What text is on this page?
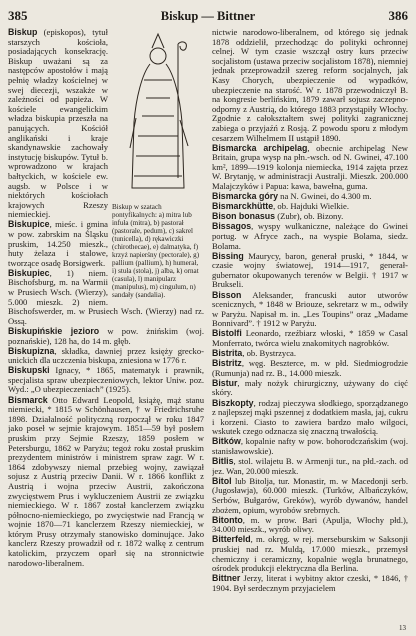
385	Biskup — Bittner	386
Biskup w szatach pontyfikalnych: a) mitra lub infuła (mitra), b) pastorał (pastorale, pedum), c) sakrel (tunicella), d) rękawiczki (chirothecae), e) dalmatyka, f) krzyż napierśny (pectorale), g) pallium (pallium), h) humerał, i) stuła (stola), j) alba, k) ornat (casula), l) manipularz (manipulus), m) cingulum, n) sandały (sandalia).

Biskup (episkopos), tytuł starszych kościoła, posiadających konsekrację. Biskup uważani są za następców apostołów i mają pełnię władzy kościelnej w swej diecezji, wszakże w zależności od papieża. W kościele ewangelickim władza biskupia przeszła na panujących. Kościół anglikański i kraje skandynawskie zachowały instytucję biskupów. Tytuł b. wprowadzono w krajach bałtyckich, w kościele ew. augsb. w Polsce i w niektórych kościołach krajowych Rzeszy niemieckiej.

Biskupice, mieśc. i gmina w pow. zabrskim na Śląsku pruskim, 14.250 mieszk., huty żelaza i stalowe, tworzące osadę Borsigwerk.

Biskupiec, 1) niem. Bischofsburg, m. na Warmii w Prusiech Wsch. (Wierzy), 5.000 mieszk. 2) niem. Bischofswerder, m. w Prusiech Wsch. (Wierzy) nad rz. Ossą.

Biskupińskie jezioro w pow. żnińskim (woj. poznańskie), 128 ha, do 14 m. głęb.

Biskupizna, składka, dawniej przez księży grecko-unickich dla uczczenia biskupa, zniesiona w 1776 r.

Biskupski Ignacy, * 1865, matematyk i prawnik, specjalista spraw ubezpieczeniowych, lektor Uniw. poz. Wyd.: „O ubezpieczeniach” (1925).

Bismarck Otto Edward Leopold, książę, mąż stanu niemiecki, * 1815 w Schönhausen, † w Friedrichsruhe 1898. Działalność polityczną rozpoczął w roku 1847 jako poseł w sejmie krajowym. 1851—59 był posłem pruskim przy Sejmie Rzeszy, 1859 posłem w Petersburgu, 1862 w Paryżu; tegoż roku został pruskim prezydentem ministrów i ministrem spraw zagr. W r. 1864 zdobywszy niemal przebieg wojny, zawiązał sojusz z Austrią przeciw Danii. W r. 1866 konflikt z Austrią i wojna przeciw Austrii, zakończona zwycięstwem Prus i wykluczeniem Austrii ze związku niemieckiego. W r. 1867 został kanclerzem związku północno-niemieckiego, po zwycięstwie nad Francją w wojnie 1870—71 kanclerzem Rzeszy niemieckiej, w którym Prusy otrzymały stanowisko dominujące. Jako kanclerz Rzeszy prowadził od r. 1872 walkę z centrum katolickim, przyczem oparł się na stronnictwie narodowo-liberalnem.

nictwie narodowo-liberalnem, od którego się jednak 1878 oddzielił, przechodząc do polityki ochronnej celnej. W tym czasie wszczął ostry kurs przeciw socjalistom (ustawa przeciw socjalistom 1878), niemniej jednak przeprowadził szereg reform socjalnych, jak Kasy Chorych, ubezpieczenie od wypadków, ubezpieczenie na starość. W r. 1878 przewodniczył B. na kongresie berlińskim, 1879 zawarł sojusz zaczepno-odporny z Austrią, do którego 1883 przystąpiły Włochy. Zgodnie z całokształtem swej polityki zagranicznej zabiega o przyjaźń z Rosją. Z powodu sporu z młodym cesarzem Wilhelmem II ustąpił 1890.

Bismarcka archipelag, obecnie archipelag New Britain, grupa wysp na płn.-wsch. od N. Gwinei, 47.100 km², 1899—1919 kolonja niemiecka, 1914 zajęta przez W. Brytanję, w administracji Australji. Mieszk. 200.000 Malajczyków i Papua: kawa, bawełna, guma.

Bismarcka góry na N. Gwinei, do 4.300 m.

Bismarckhütte, ob. Hajduki Wielkie.

Bison bonasus (Zubr), ob. Bizony.

Bissagos, wyspy wulkaniczne, należące do Gwinei portug. w Afryce zach., na wyspie Bolama, siedz. Bolama.

Bissing Maurycy, baron, generał pruski, * 1844, w czasie wojny światowej, 1914—1917, generał-gubernator okupowanych terenów w Belgii. † 1917 w Brukseli.

Bisson Aleksander, francuski autor utworów scenicznych, * 1848 w Briouze, sekretarz w m., odwiły w Paryżu. Napisał m. in. „Les Toupins” oraz „Madame Bonnivard”. † 1912 w Paryżu.

Bistolfi Leonardo, rzeźbiarz włoski, * 1859 w Casal Monferrato, twórca wielu znakomitych nagrobków.

Bistrita, ob. Bystrzyca.

Bistritz, węg. Beszterce, m. w płd. Siedmiogrodzie (Rumunja) nad rz. B., 14.000 mieszk.

Bistur, mały nożyk chirurgiczny, używany do cięć skóry.

Biszkopty, rodzaj pieczywa słodkiego, sporządzanego z najlepszej mąki pszennej z dodatkiem masła, jaj, cukru i korzeni. Ciasto to zawiera bardzo mało wilgoci, wskutek czego odznacza się znaczną trwałością.

Bitków, kopalnie nafty w pow. bohorodczańskim (woj. stanisławowskie).

Bitlis, stol. wilajetu B. w Armenji tur., na płd.-zach. od jez. Wan, 20.000 mieszk.

Bitol lub Bitolja, tur. Monastir, m. w Macedonji serb. (Jugosławja), 60.000 mieszk. (Turków, Albańczyków, Serbów, Bułgarów, Greków), wyrób dywanów, handel zbożem, opium, wyrobów srebrnych.

Bitonto, m. w prow. Bari (Apulja, Włochy płd.), 34.000 mieszk., wyrób oliwy.

Bitterfeld, m. okręg. w rej. merseburskim w Saksonji pruskiej nad rz. Muldą, 17.000 mieszk., przemysł chemiczny i ceramiczny, kopalnie węgla brunatnego, ośrodek produkcji elektryczna dla Berlina.

Bittner Jerzy, literat i wybitny aktor czeski, * 1846, † 1904. Był serdecznym przyjacielem

13
